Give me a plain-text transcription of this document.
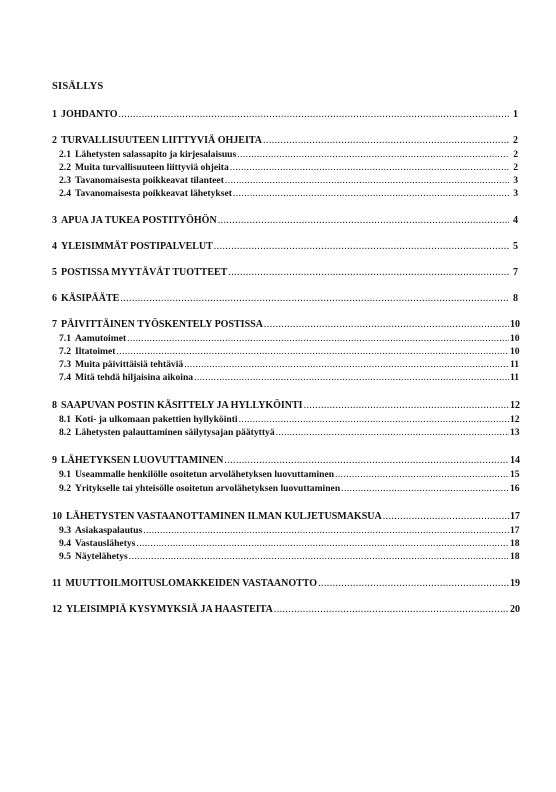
SISÄLLYS
1 JOHDANTO .....	1
2 TURVALLISUUTEEN LIITTYVIÄ OHJEITA .....	2
2.1 Lähetysten salassapito ja kirjesalaisuus .....	2
2.2 Muita turvallisuuteen liittyviä ohjeita .....	2
2.3 Tavanomaisesta poikkeavat tilanteet .....	3
2.4 Tavanomaisesta poikkeavat lähetykset .....	3
3 APUA JA TUKEA POSTITYÖHÖN .....	4
4 YLEISIMMÄT POSTIPALVELUT .....	5
5 POSTISSA MYYTÄVÄT TUOTTEET .....	7
6 KÄSIPÄÄTE .....	8
7 PÄIVITTÄINEN TYÖSKENTELY POSTISSA .....	10
7.1 Aamutoimet .....	10
7.2 Iltatoimet .....	10
7.3 Muita päivittäisiä tehtäviä .....	11
7.4 Mitä tehdä hiljaisina aikoina .....	11
8 SAAPUVAN POSTIN KÄSITTELY JA HYLLYKÖINTI .....	12
8.1 Koti- ja ulkomaan pakettien hyllyköinti .....	12
8.2 Lähetysten palauttaminen säilytysajan päätyttyä .....	13
9 LÄHETYKSEN LUOVUTTAMINEN .....	14
9.1 Useammalle henkilölle osoitetun arvolähetyksen luovuttaminen .....	15
9.2 Yritykselle tai yhteisölle osoitetun arvolähetyksen luovuttaminen .....	16
10 LÄHETYSTEN VASTAANOTTAMINEN ILMAN KULJETUSMAKSUA .....	17
9.3 Asiakaspalautus .....	17
9.4 Vastauslähetys .....	18
9.5 Näytelähetys .....	18
11 MUUTTOILMOITUSLOMAKKEIDEN VASTAANOTTO .....	19
12 YLEISIMPIÄ KYSYMYKSIÄ JA HAASTEITA .....	20
